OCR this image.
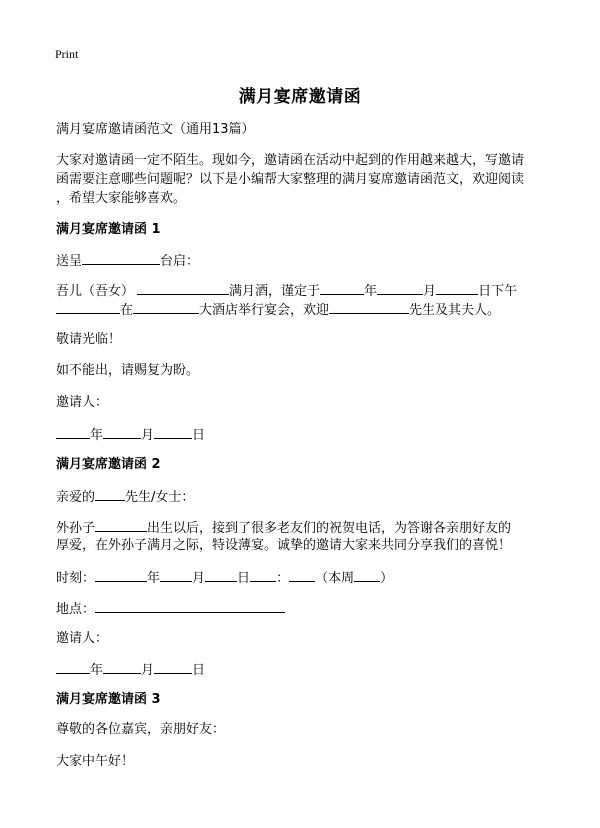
Print
满月宴席邀请函
满月宴席邀请函范文（通用13篇）
大家对邀请函一定不陌生。现如今，邀请函在活动中起到的作用越来越大，写邀请
函需要注意哪些问题呢？以下是小编帮大家整理的满月宴席邀请函范文，欢迎阅读
，希望大家能够喜欢。
满月宴席邀请函 1
送呈	台启：
吾儿（吾女）	满月酒，谨定于	年	月	日下午
在	大酒店举行宴会，欢迎	先生及其夫人。
敬请光临！
如不能出，请赐复为盼。
邀请人：
年	月	日
满月宴席邀请函 2
亲爱的 先生/女士：
外孙子	出生以后，接到了很多老友们的祝贺电话，为答谢各亲朋好友的
厚爱，在外孙子满月之际，特设薄宴。诚挚的邀请大家来共同分享我们的喜悦！
时刻：	年 月 日 ： （本周 ）
地点：
邀请人：
年	月	日
满月宴席邀请函 3
尊敬的各位嘉宾，亲朋好友：
大家中午好！
